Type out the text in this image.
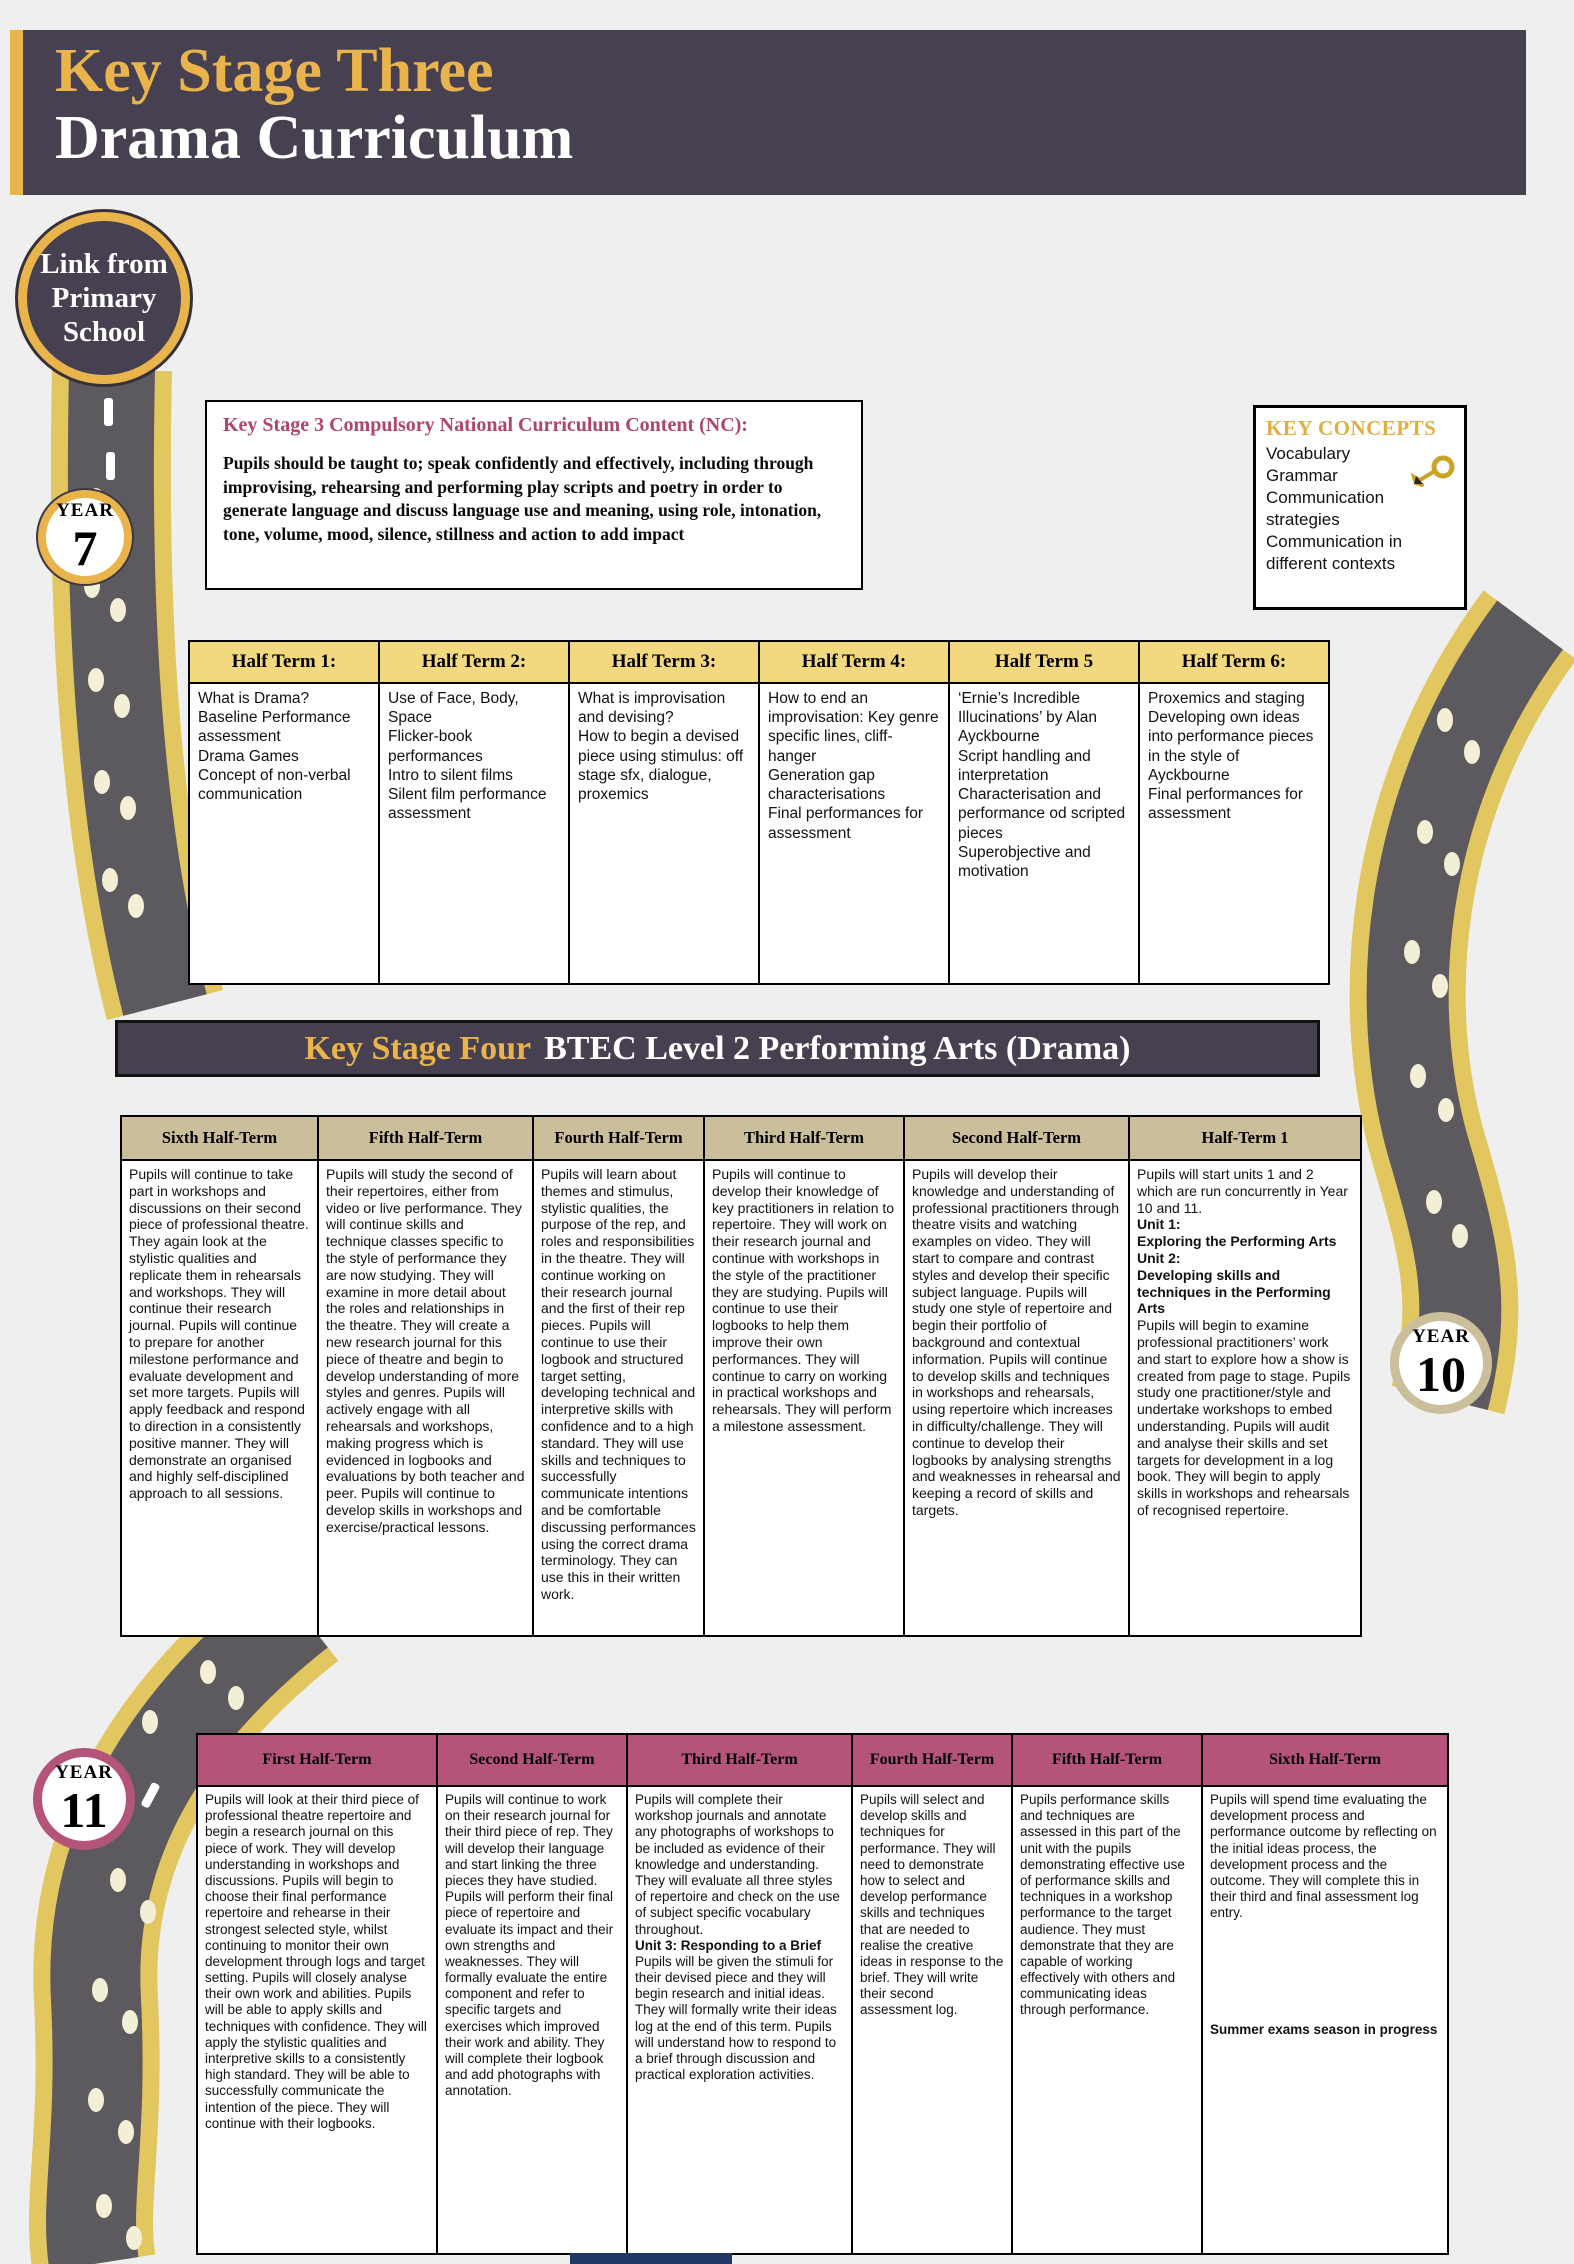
Key Stage Three
Drama Curriculum
Link from
Primary
School
Key Stage 3 Compulsory National Curriculum Content (NC):
Pupils should be taught to; speak confidently and effectively, including through improvising, rehearsing and performing play scripts and poetry in order to generate language and discuss language use and meaning, using role, intonation, tone, volume, mood, silence, stillness and action to add impact
KEY CONCEPTS
Vocabulary
Grammar
Communication strategies
Communication in different contexts
YEAR
7
YEAR
10
YEAR
11
Half Term 1:	Half Term 2:	Half Term 3:	Half Term 4:	Half Term 5	Half Term 6:

What is Drama?
Baseline Performance assessment
Drama Games
Concept of non-verbal communication

Use of Face, Body, Space
Flicker-book performances
Intro to silent films
Silent film performance assessment

What is improvisation and devising?
How to begin a devised piece using stimulus: off stage sfx, dialogue, proxemics

How to end an improvisation: Key genre specific lines, cliff-hanger
Generation gap characterisations
Final performances for assessment

‘Ernie’s Incredible Illucinations’ by Alan Ayckbourne
Script handling and interpretation
Characterisation and performance od scripted pieces
Superobjective and motivation

Proxemics and staging
Developing own ideas into performance pieces in the style of Ayckbourne
Final performances for assessment
Key Stage Four BTEC Level 2 Performing Arts (Drama)
Sixth Half-Term	Fifth Half-Term	Fourth Half-Term	Third Half-Term	Second Half-Term	Half-Term 1

Pupils will continue to take part in workshops and discussions on their second piece of professional theatre. They again look at the stylistic qualities and replicate them in rehearsals and workshops. They will continue their research journal. Pupils will continue to prepare for another milestone performance and evaluate development and set more targets. Pupils will apply feedback and respond to direction in a consistently positive manner. They will demonstrate an organised and highly self-disciplined approach to all sessions.

Pupils will study the second of their repertoires, either from video or live performance. They will continue skills and technique classes specific to the style of performance they are now studying. They will examine in more detail about the roles and relationships in the theatre. They will create a new research journal for this piece of theatre and begin to develop understanding of more styles and genres. Pupils will actively engage with all rehearsals and workshops, making progress which is evidenced in logbooks and evaluations by both teacher and peer. Pupils will continue to develop skills in workshops and exercise/practical lessons.

Pupils will learn about themes and stimulus, stylistic qualities, the purpose of the rep, and roles and responsibilities in the theatre. They will continue working on their research journal and the first of their rep pieces. Pupils will continue to use their logbook and structured target setting, developing technical and interpretive skills with confidence and to a high standard. They will use skills and techniques to successfully communicate intentions and be comfortable discussing performances using the correct drama terminology. They can use this in their written work.

Pupils will continue to develop their knowledge of key practitioners in relation to repertoire. They will work on their research journal and continue with workshops in the style of the practitioner they are studying. Pupils will continue to use their logbooks to help them improve their own performances. They will continue to carry on working in practical workshops and rehearsals. They will perform a milestone assessment.

Pupils will develop their knowledge and understanding of professional practitioners through theatre visits and watching examples on video. They will start to compare and contrast styles and develop their specific subject language. Pupils will study one style of repertoire and begin their portfolio of background and contextual information. Pupils will continue to develop skills and techniques in workshops and rehearsals, using repertoire which increases in difficulty/challenge. They will continue to develop their logbooks by analysing strengths and weaknesses in rehearsal and keeping a record of skills and targets.

Pupils will start units 1 and 2 which are run concurrently in Year 10 and 11.
Unit 1:
Exploring the Performing Arts
Unit 2:
Developing skills and techniques in the Performing Arts
Pupils will begin to examine professional practitioners’ work and start to explore how a show is created from page to stage. Pupils study one practitioner/style and undertake workshops to embed understanding. Pupils will audit and analyse their skills and set targets for development in a log book. They will begin to apply skills in workshops and rehearsals of recognised repertoire.
First Half-Term	Second Half-Term	Third Half-Term	Fourth Half-Term	Fifth Half-Term	Sixth Half-Term

Pupils will look at their third piece of professional theatre repertoire and begin a research journal on this piece of work. They will develop understanding in workshops and discussions. Pupils will begin to choose their final performance repertoire and rehearse in their strongest selected style, whilst continuing to monitor their own development through logs and target setting. Pupils will closely analyse their own work and abilities. Pupils will be able to apply skills and techniques with confidence. They will apply the stylistic qualities and interpretive skills to a consistently high standard. They will be able to successfully communicate the intention of the piece. They will continue with their logbooks.

Pupils will continue to work on their research journal for their third piece of rep. They will develop their language and start linking the three pieces they have studied. Pupils will perform their final piece of repertoire and evaluate its impact and their own strengths and weaknesses. They will formally evaluate the entire component and refer to specific targets and exercises which improved their work and ability. They will complete their logbook and add photographs with annotation.

Pupils will complete their workshop journals and annotate any photographs of workshops to be included as evidence of their knowledge and understanding. They will evaluate all three styles of repertoire and check on the use of subject specific vocabulary throughout.
Unit 3: Responding to a Brief
Pupils will be given the stimuli for their devised piece and they will begin research and initial ideas. They will formally write their ideas log at the end of this term. Pupils will understand how to respond to a brief through discussion and practical exploration activities.

Pupils will select and develop skills and techniques for performance. They will need to demonstrate how to select and develop performance skills and techniques that are needed to realise the creative ideas in response to the brief. They will write their second assessment log.

Pupils performance skills and techniques are assessed in this part of the unit with the pupils demonstrating effective use of performance skills and techniques in a workshop performance to the target audience. They must demonstrate that they are capable of working effectively with others and communicating ideas through performance.

Pupils will spend time evaluating the development process and performance outcome by reflecting on the initial ideas process, the development process and the outcome. They will complete this in their third and final assessment log entry.
Summer exams season in progress
